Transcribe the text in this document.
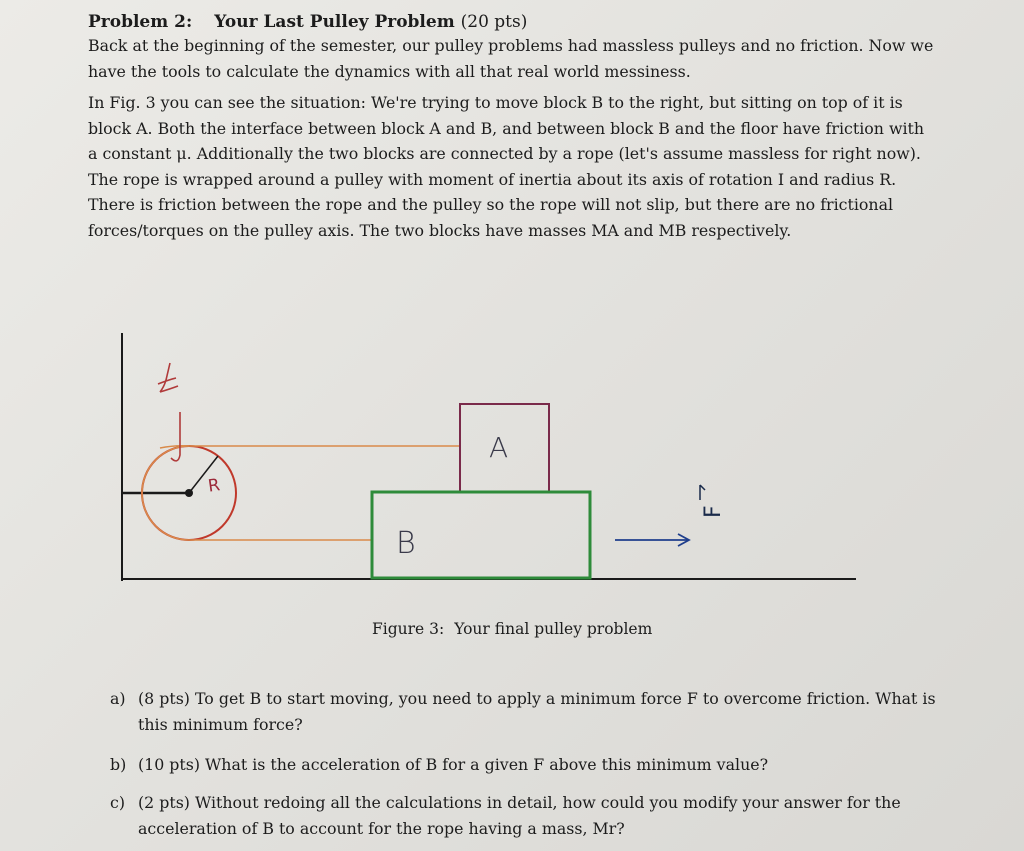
Problem 2: Your Last Pulley Problem (20 pts)

Back at the beginning of the semester, our pulley problems had massless pulleys and no friction. Now we have the tools to calculate the dynamics with all that real world messiness.

In Fig. 3 you can see the situation: We're trying to move block B to the right, but sitting on top of it is block A. Both the interface between block A and B, and between block B and the floor have friction with a constant μ. Additionally the two blocks are connected by a rope (let's assume massless for right now). The rope is wrapped around a pulley with moment of inertia about its axis of rotation I and radius R. There is friction between the rope and the pulley so the rope will not slip, but there are no frictional forces/torques on the pulley axis. The two blocks have masses MA and MB respectively.

I
R
A
B
F
Figure 3: Your final pulley problem
a) (8 pts) To get B to start moving, you need to apply a minimum force F to overcome friction. What is this minimum force?
b) (10 pts) What is the acceleration of B for a given F above this minimum value?
c) (2 pts) Without redoing all the calculations in detail, how could you modify your answer for the acceleration of B to account for the rope having a mass, Mr?
